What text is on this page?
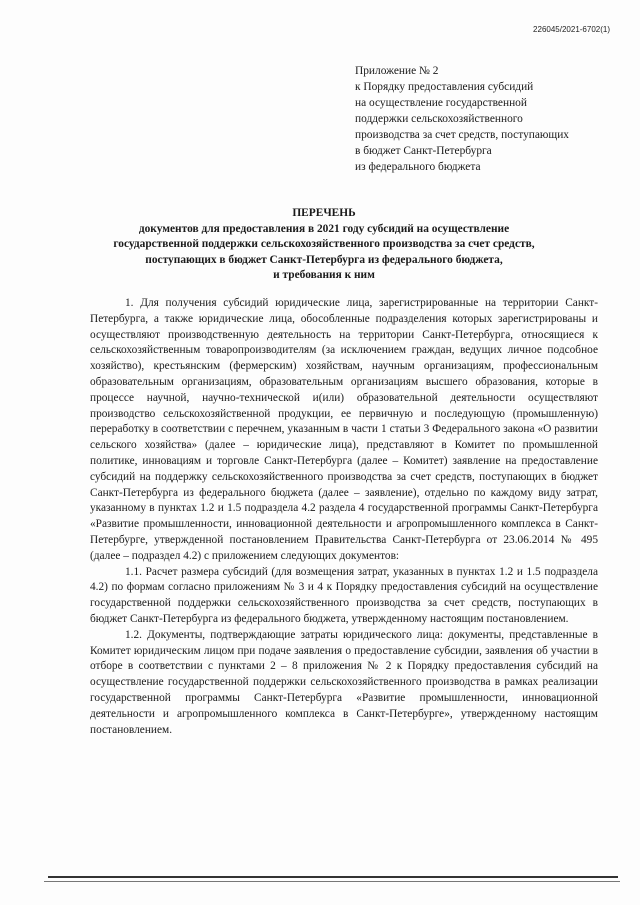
226045/2021-6702(1)
Приложение № 2
к Порядку предоставления субсидий
на осуществление государственной
поддержки сельскохозяйственного
производства за счет средств, поступающих
в бюджет Санкт-Петербурга
из федерального бюджета
ПЕРЕЧЕНЬ
документов для предоставления в 2021 году субсидий на осуществление
государственной поддержки сельскохозяйственного производства за счет средств,
поступающих в бюджет Санкт-Петербурга из федерального бюджета,
и требования к ним

1. Для получения субсидий юридические лица, зарегистрированные на территории Санкт-Петербурга, а также юридические лица, обособленные подразделения которых зарегистрированы и осуществляют производственную деятельность на территории Санкт-Петербурга, относящиеся к сельскохозяйственным товаропроизводителям (за исключением граждан, ведущих личное подсобное хозяйство), крестьянским (фермерским) хозяйствам, научным организациям, профессиональным образовательным организациям, образовательным организациям высшего образования, которые в процессе научной, научно-технической и(или) образовательной деятельности осуществляют производство сельскохозяйственной продукции, ее первичную и последующую (промышленную) переработку в соответствии с перечнем, указанным в части 1 статьи 3 Федерального закона «О развитии сельского хозяйства» (далее – юридические лица), представляют в Комитет по промышленной политике, инновациям и торговле Санкт-Петербурга (далее – Комитет) заявление на предоставление субсидий на поддержку сельскохозяйственного производства за счет средств, поступающих в бюджет Санкт-Петербурга из федерального бюджета (далее – заявление), отдельно по каждому виду затрат, указанному в пунктах 1.2 и 1.5 подраздела 4.2 раздела 4 государственной программы Санкт-Петербурга «Развитие промышленности, инновационной деятельности и агропромышленного комплекса в Санкт-Петербурге, утвержденной постановлением Правительства Санкт-Петербурга от 23.06.2014 № 495 (далее – подраздел 4.2) с приложением следующих документов:

1.1. Расчет размера субсидий (для возмещения затрат, указанных в пунктах 1.2 и 1.5 подраздела 4.2) по формам согласно приложениям № 3 и 4 к Порядку предоставления субсидий на осуществление государственной поддержки сельскохозяйственного производства за счет средств, поступающих в бюджет Санкт-Петербурга из федерального бюджета, утвержденному настоящим постановлением.

1.2. Документы, подтверждающие затраты юридического лица: документы, представленные в Комитет юридическим лицом при подаче заявления о предоставление субсидии, заявления об участии в отборе в соответствии с пунктами 2 – 8 приложения № 2 к Порядку предоставления субсидий на осуществление государственной поддержки сельскохозяйственного производства в рамках реализации государственной программы Санкт-Петербурга «Развитие промышленности, инновационной деятельности и агропромышленного комплекса в Санкт-Петербурге», утвержденному настоящим постановлением.
